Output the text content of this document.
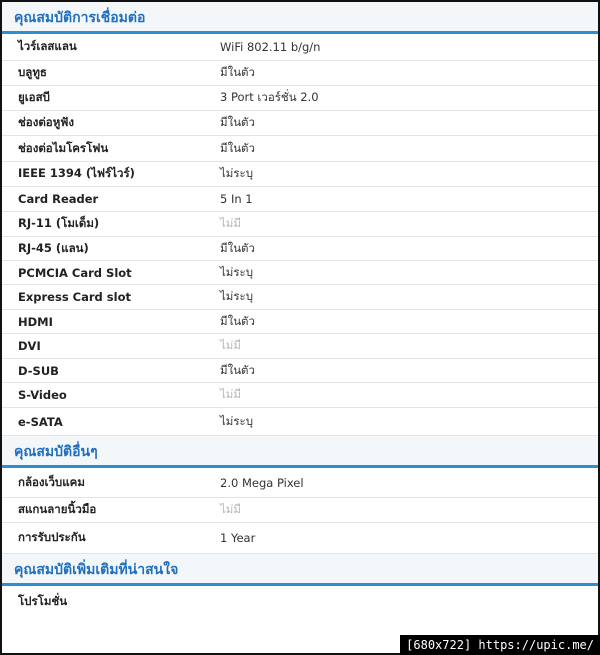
คุณสมบัติการเชื่อมต่อ
ไวร์เลสแลน	WiFi 802.11 b/g/n
บลูทูธ	มีในตัว
ยูเอสบี	3 Port เวอร์ชั่น 2.0
ช่องต่อหูฟัง	มีในตัว
ช่องต่อไมโครโฟน	มีในตัว
IEEE 1394 (ไฟร์ไวร์)	ไม่ระบุ
Card Reader	5 In 1
RJ-11 (โมเด็ม)	ไม่มี
RJ-45 (แลน)	มีในตัว
PCMCIA Card Slot	ไม่ระบุ
Express Card slot	ไม่ระบุ
HDMI	มีในตัว
DVI	ไม่มี
D-SUB	มีในตัว
S-Video	ไม่มี
e-SATA	ไม่ระบุ
คุณสมบัติอื่นๆ
กล้องเว็บแคม	2.0 Mega Pixel
สแกนลายนิ้วมือ	ไม่มี
การรับประกัน	1 Year
คุณสมบัติเพิ่มเติมที่น่าสนใจ
โปรโมชั่น
[680x722] https://upic.me/
